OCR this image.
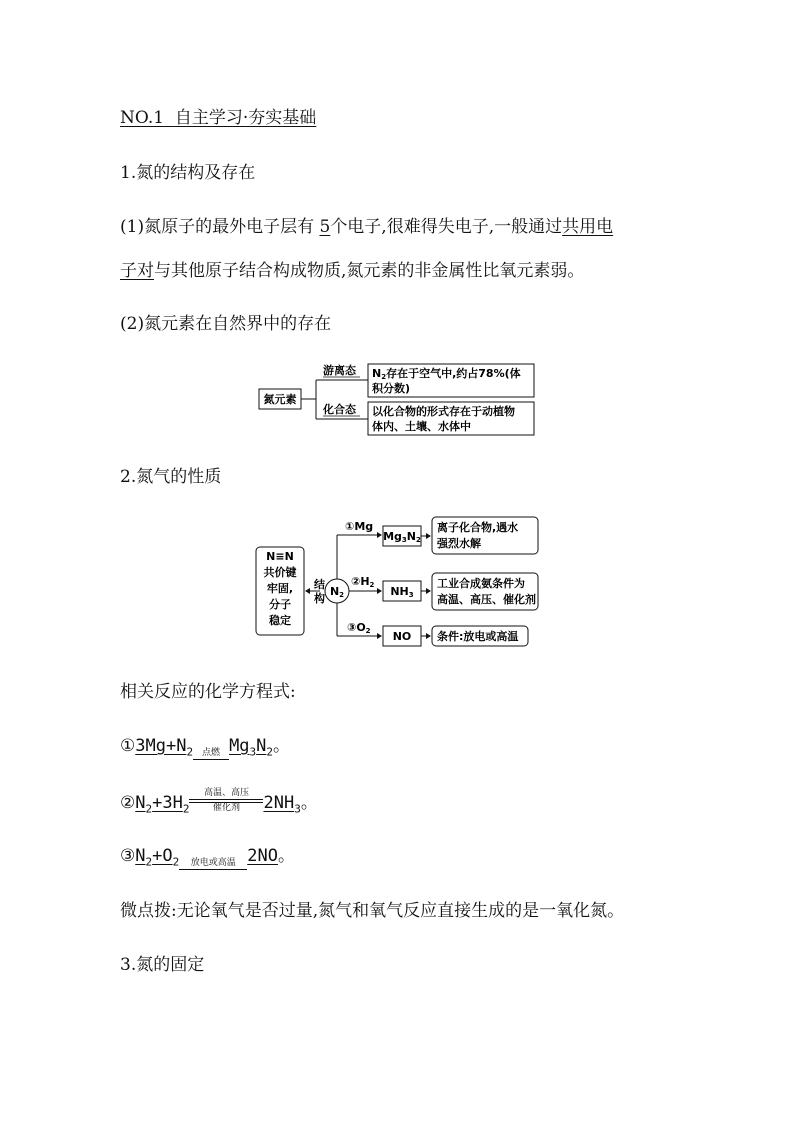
NO.1 自主学习·夯实基础
1.氮的结构及存在
(1)氮原子的最外电子层有 5个电子,很难得失电子,一般通过共用电
子对与其他原子结合构成物质,氮元素的非金属性比氧元素弱。
(2)氮元素在自然界中的存在
氮元素
游离态
化合态
N2存在于空气中,约占78%(体
积分数)
以化合物的形式存在于动植物
体内、土壤、水体中
2.氮气的性质
N≡N
共价键
牢固,
分子
稳定
结
构
N2
①Mg
Mg3N2
离子化合物,遇水
强烈水解
②H2 NH3
工业合成氨条件为
高温、高压、催化剂
③O2 NO 条件:放电或高温
相关反应的化学方程式:
$①3Mg+N_2$ 点燃 $Mg_3N_2$。
$②N_2+3H_2$
高温、高压
催化剂	$2NH_3$。
$③N_2+O_2$	放电或高温 2NO。
微点拨:无论氧气是否过量,氮气和氧气反应直接生成的是一氧化氮。
3.氮的固定
